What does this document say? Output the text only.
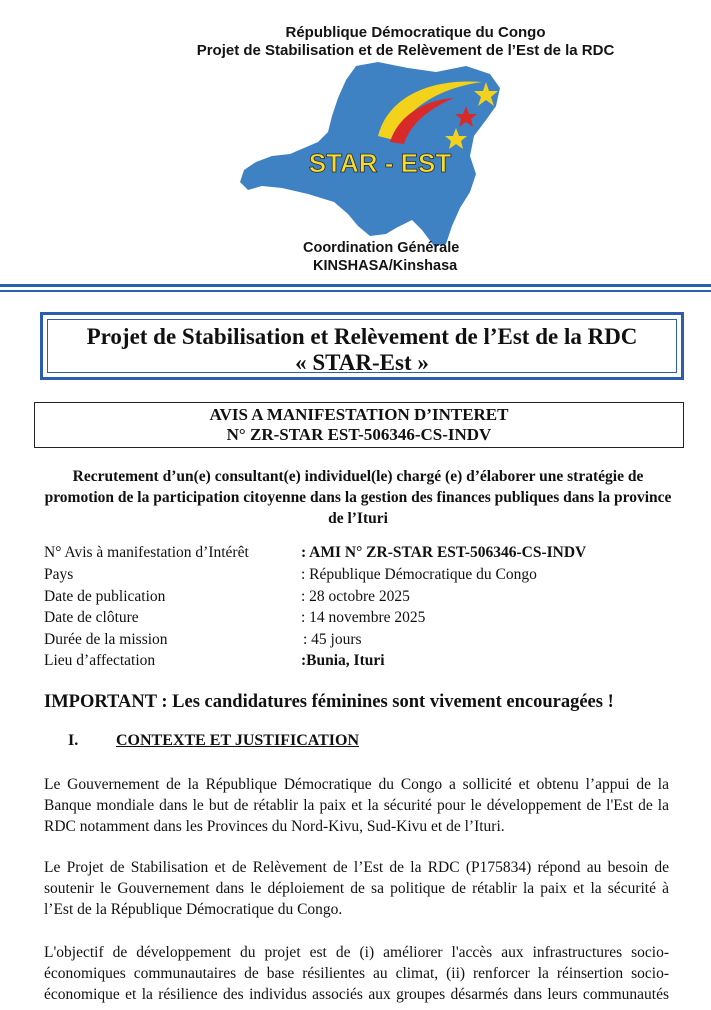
République Démocratique du Congo
Projet de Stabilisation et de Relèvement de l’Est de la RDC
STAR - EST
Coordination Générale
KINSHASA/Kinshasa
Projet de Stabilisation et Relèvement de l’Est de la RDC
« STAR-Est »
AVIS A MANIFESTATION D’INTERET
N° ZR-STAR EST-506346-CS-INDV
Recrutement d’un(e) consultant(e) individuel(le) chargé (e) d’élaborer une stratégie de promotion de la participation citoyenne dans la gestion des finances publiques dans la province de l’Ituri
N° Avis à manifestation d’Intérêt	: AMI N° ZR-STAR EST-506346-CS-INDV
Pays	: République Démocratique du Congo
Date de publication	: 28 octobre 2025
Date de clôture	: 14 novembre 2025
Durée de la mission	: 45 jours
Lieu d’affectation	:Bunia, Ituri
IMPORTANT : Les candidatures féminines sont vivement encouragées !
I. CONTEXTE ET JUSTIFICATION
Le Gouvernement de la République Démocratique du Congo a sollicité et obtenu l’appui de la
Banque mondiale dans le but de rétablir la paix et la sécurité pour le développement de l'Est de la
RDC notamment dans les Provinces du Nord-Kivu, Sud-Kivu et de l’Ituri.
Le Projet de Stabilisation et de Relèvement de l’Est de la RDC (P175834) répond au besoin de
soutenir le Gouvernement dans le déploiement de sa politique de rétablir la paix et la sécurité à
l’Est de la République Démocratique du Congo.
L'objectif de développement du projet est de (i) améliorer l'accès aux infrastructures socio-
économiques communautaires de base résilientes au climat, (ii) renforcer la réinsertion socio-
économique et la résilience des individus associés aux groupes désarmés dans leurs communautés
